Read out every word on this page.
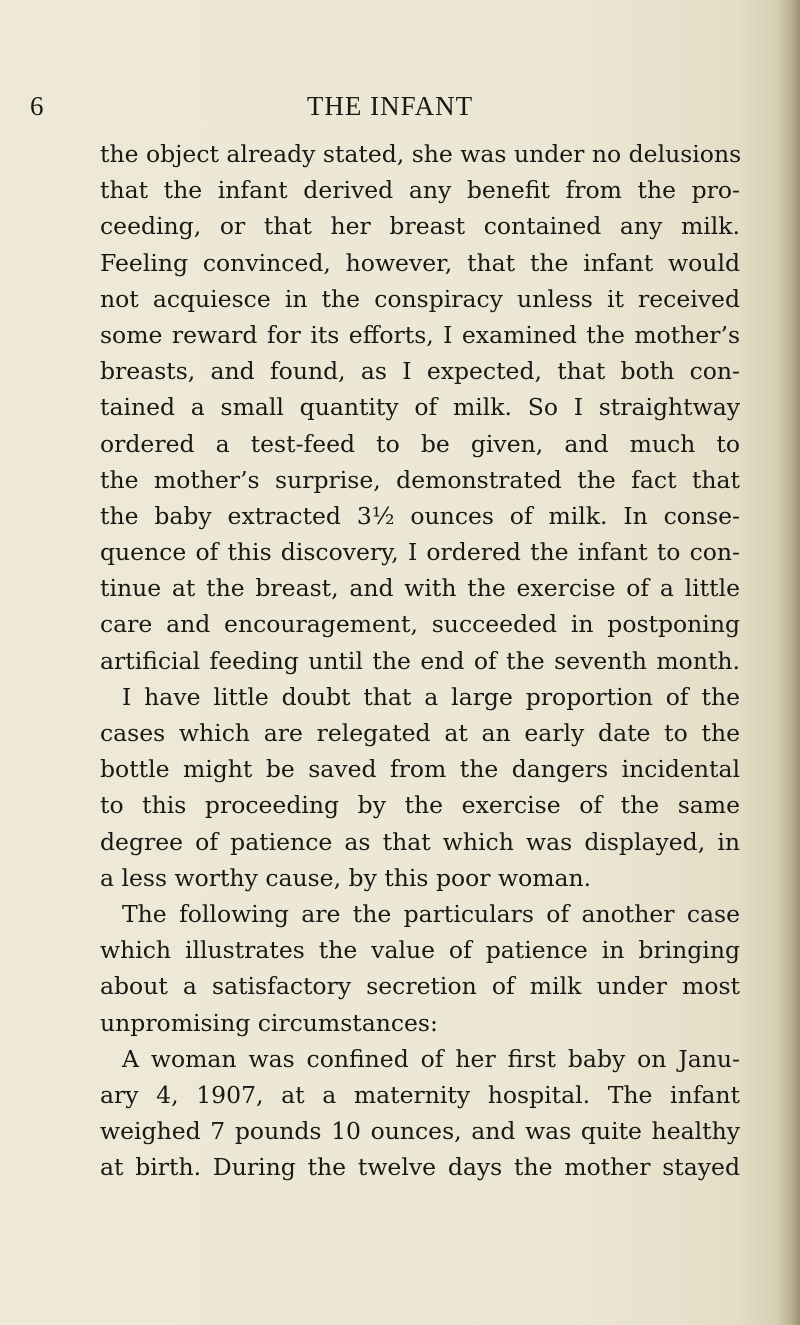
6	THE INFANT
the object already stated, she was under no delusions
that the infant derived any benefit from the pro-
ceeding, or that her breast contained any milk.
Feeling convinced, however, that the infant would
not acquiesce in the conspiracy unless it received
some reward for its efforts, I examined the mother’s
breasts, and found, as I expected, that both con-
tained a small quantity of milk. So I straightway
ordered a test-feed to be given, and much to
the mother’s surprise, demonstrated the fact that
the baby extracted 3½ ounces of milk. In conse-
quence of this discovery, I ordered the infant to con-
tinue at the breast, and with the exercise of a little
care and encouragement, succeeded in postponing
artificial feeding until the end of the seventh month.
I have little doubt that a large proportion of the
cases which are relegated at an early date to the
bottle might be saved from the dangers incidental
to this proceeding by the exercise of the same
degree of patience as that which was displayed, in
a less worthy cause, by this poor woman.
The following are the particulars of another case
which illustrates the value of patience in bringing
about a satisfactory secretion of milk under most
unpromising circumstances:
A woman was confined of her first baby on Janu-
ary 4, 1907, at a maternity hospital. The infant
weighed 7 pounds 10 ounces, and was quite healthy
at birth. During the twelve days the mother stayed
